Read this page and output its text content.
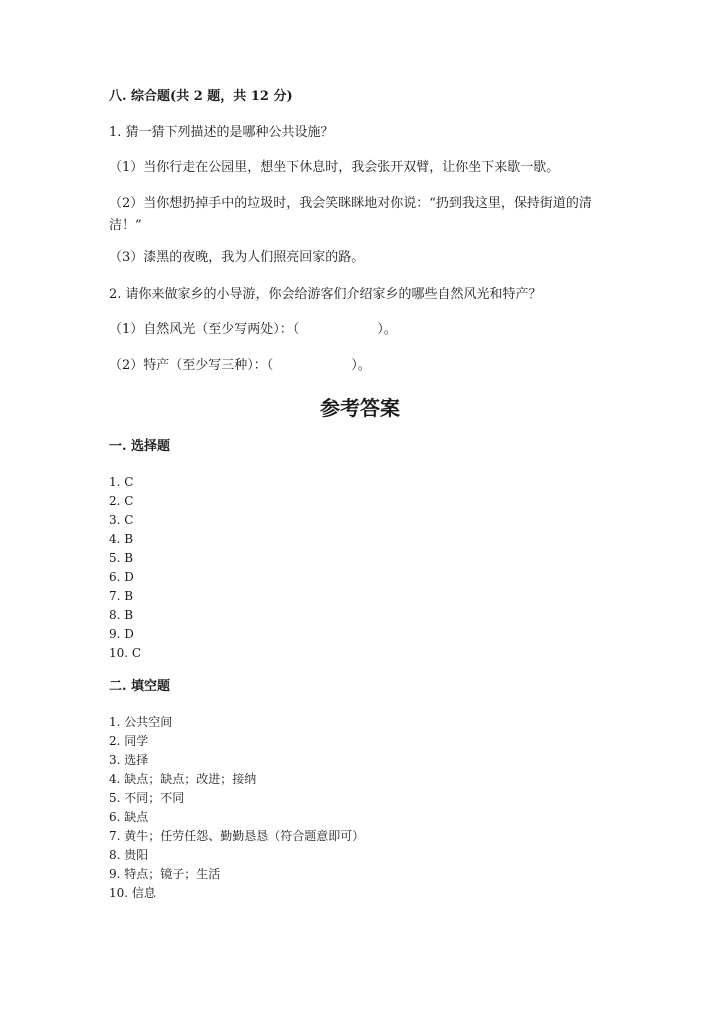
八. 综合题(共 2 题，共 12 分)
1. 猜一猜下列描述的是哪种公共设施？
（1）当你行走在公园里，想坐下休息时，我会张开双臂，让你坐下来歇一歇。
（2）当你想扔掉手中的垃圾时，我会笑眯眯地对你说：“扔到我这里，保持街道的清洁！”
（3）漆黑的夜晚，我为人们照亮回家的路。
2. 请你来做家乡的小导游，你会给游客们介绍家乡的哪些自然风光和特产？
（1）自然风光（至少写两处）：（　　　　　　）。
（2）特产（至少写三种）：（　　　　　　）。
参考答案
一. 选择题
1. C
2. C
3. C
4. B
5. B
6. D
7. B
8. B
9. D
10. C
二. 填空题
1. 公共空间
2. 同学
3. 选择
4. 缺点；缺点；改进；接纳
5. 不同；不同
6. 缺点
7. 黄牛；任劳任怨、勤勤恳恳（符合题意即可）
8. 贵阳
9. 特点；镜子；生活
10. 信息
